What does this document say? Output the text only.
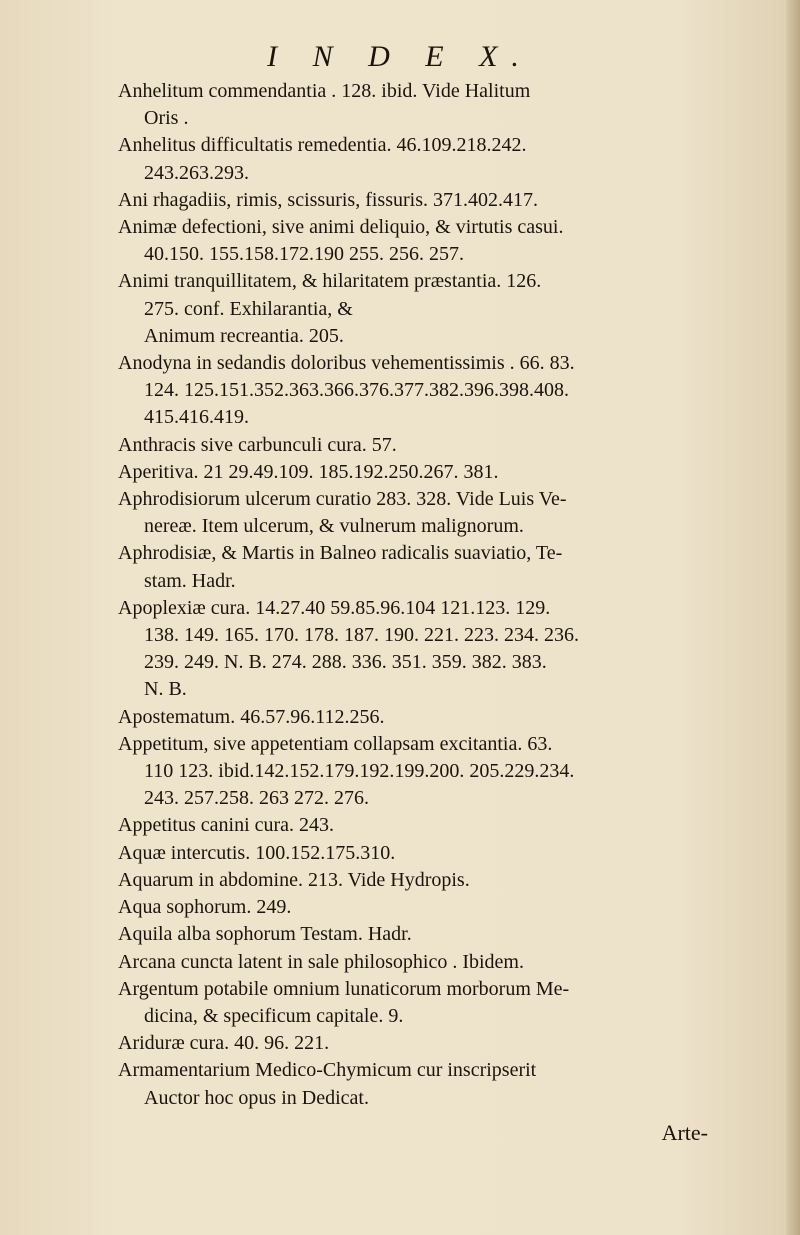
I N D E X.
Anhelitum commendantia . 128. ibid. Vide Halitum
Oris .
Anhelitus difficultatis remedentia. 46.109.218.242.
243.263.293.
Ani rhagadiis, rimis, scissuris, fissuris. 371.402.417.
Animæ defectioni, sive animi deliquio, & virtutis casui.
40.150. 155.158.172.190 255. 256. 257.
Animi tranquillitatem, & hilaritatem præstantia. 126.
275. conf. Exhilarantia, &
Animum recreantia. 205.
Anodyna in sedandis doloribus vehementissimis . 66. 83.
124. 125.151.352.363.366.376.377.382.396.398.408.
415.416.419.
Anthracis sive carbunculi cura. 57.
Aperitiva. 21 29.49.109. 185.192.250.267. 381.
Aphrodisiorum ulcerum curatio 283. 328. Vide Luis Ve-
nereæ. Item ulcerum, & vulnerum malignorum.
Aphrodisiæ, & Martis in Balneo radicalis suaviatio, Te-
stam. Hadr.
Apoplexiæ cura. 14.27.40 59.85.96.104 121.123. 129.
138. 149. 165. 170. 178. 187. 190. 221. 223. 234. 236.
239. 249. N. B. 274. 288. 336. 351. 359. 382. 383.
N. B.
Apostematum. 46.57.96.112.256.
Appetitum, sive appetentiam collapsam excitantia. 63.
110 123. ibid.142.152.179.192.199.200. 205.229.234.
243. 257.258. 263 272. 276.
Appetitus canini cura. 243.
Aquæ intercutis. 100.152.175.310.
Aquarum in abdomine. 213. Vide Hydropis.
Aqua sophorum. 249.
Aquila alba sophorum Testam. Hadr.
Arcana cuncta latent in sale philosophico . Ibidem.
Argentum potabile omnium lunaticorum morborum Me-
dicina, & specificum capitale. 9.
Ariduræ cura. 40. 96. 221.
Armamentarium Medico-Chymicum cur inscripserit
Auctor hoc opus in Dedicat.
Arte-
